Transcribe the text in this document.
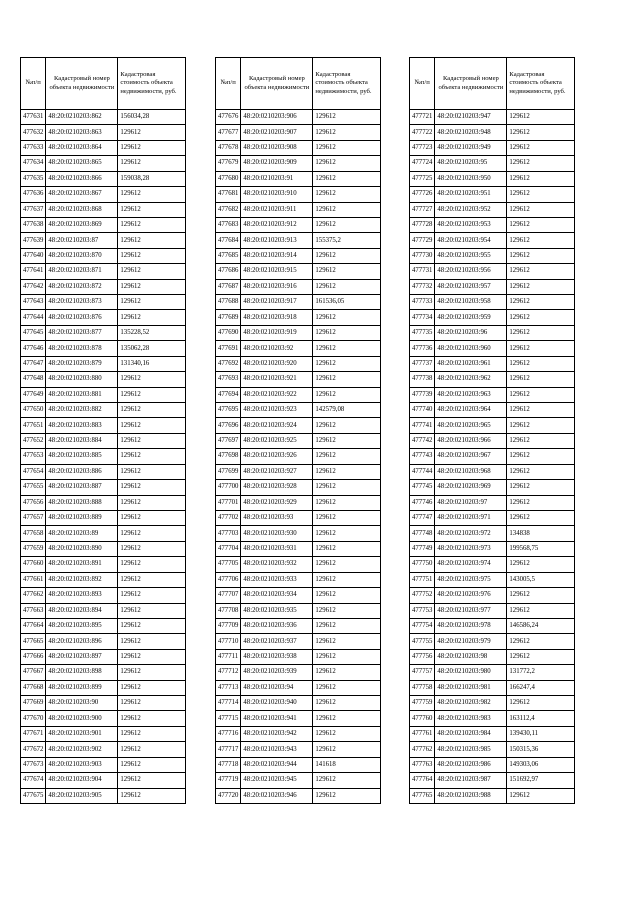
№п/п	Кадастровый номер объекта недвижимости	Кадастровая стоимость объекта недвижимости, руб.
477631	48:20:0210203:862	156034,28
477632	48:20:0210203:863	129612
477633	48:20:0210203:864	129612
477634	48:20:0210203:865	129612
477635	48:20:0210203:866	159038,28
477636	48:20:0210203:867	129612
477637	48:20:0210203:868	129612
477638	48:20:0210203:869	129612
477639	48:20:0210203:87	129612
477640	48:20:0210203:870	129612
477641	48:20:0210203:871	129612
477642	48:20:0210203:872	129612
477643	48:20:0210203:873	129612
477644	48:20:0210203:876	129612
477645	48:20:0210203:877	135228,52
477646	48:20:0210203:878	135062,28
477647	48:20:0210203:879	131340,16
477648	48:20:0210203:880	129612
477649	48:20:0210203:881	129612
477650	48:20:0210203:882	129612
477651	48:20:0210203:883	129612
477652	48:20:0210203:884	129612
477653	48:20:0210203:885	129612
477654	48:20:0210203:886	129612
477655	48:20:0210203:887	129612
477656	48:20:0210203:888	129612
477657	48:20:0210203:889	129612
477658	48:20:0210203:89	129612
477659	48:20:0210203:890	129612
477660	48:20:0210203:891	129612
477661	48:20:0210203:892	129612
477662	48:20:0210203:893	129612
477663	48:20:0210203:894	129612
477664	48:20:0210203:895	129612
477665	48:20:0210203:896	129612
477666	48:20:0210203:897	129612
477667	48:20:0210203:898	129612
477668	48:20:0210203:899	129612
477669	48:20:0210203:90	129612
477670	48:20:0210203:900	129612
477671	48:20:0210203:901	129612
477672	48:20:0210203:902	129612
477673	48:20:0210203:903	129612
477674	48:20:0210203:904	129612
477675	48:20:0210203:905	129612
№п/п	Кадастровый номер объекта недвижимости	Кадастровая стоимость объекта недвижимости, руб.
477676	48:20:0210203:906	129612
477677	48:20:0210203:907	129612
477678	48:20:0210203:908	129612
477679	48:20:0210203:909	129612
477680	48:20:0210203:91	129612
477681	48:20:0210203:910	129612
477682	48:20:0210203:911	129612
477683	48:20:0210203:912	129612
477684	48:20:0210203:913	155375,2
477685	48:20:0210203:914	129612
477686	48:20:0210203:915	129612
477687	48:20:0210203:916	129612
477688	48:20:0210203:917	161536,05
477689	48:20:0210203:918	129612
477690	48:20:0210203:919	129612
477691	48:20:0210203:92	129612
477692	48:20:0210203:920	129612
477693	48:20:0210203:921	129612
477694	48:20:0210203:922	129612
477695	48:20:0210203:923	142579,08
477696	48:20:0210203:924	129612
477697	48:20:0210203:925	129612
477698	48:20:0210203:926	129612
477699	48:20:0210203:927	129612
477700	48:20:0210203:928	129612
477701	48:20:0210203:929	129612
477702	48:20:0210203:93	129612
477703	48:20:0210203:930	129612
477704	48:20:0210203:931	129612
477705	48:20:0210203:932	129612
477706	48:20:0210203:933	129612
477707	48:20:0210203:934	129612
477708	48:20:0210203:935	129612
477709	48:20:0210203:936	129612
477710	48:20:0210203:937	129612
477711	48:20:0210203:938	129612
477712	48:20:0210203:939	129612
477713	48:20:0210203:94	129612
477714	48:20:0210203:940	129612
477715	48:20:0210203:941	129612
477716	48:20:0210203:942	129612
477717	48:20:0210203:943	129612
477718	48:20:0210203:944	141618
477719	48:20:0210203:945	129612
477720	48:20:0210203:946	129612
№п/п	Кадастровый номер объекта недвижимости	Кадастровая стоимость объекта недвижимости, руб.
477721	48:20:0210203:947	129612
477722	48:20:0210203:948	129612
477723	48:20:0210203:949	129612
477724	48:20:0210203:95	129612
477725	48:20:0210203:950	129612
477726	48:20:0210203:951	129612
477727	48:20:0210203:952	129612
477728	48:20:0210203:953	129612
477729	48:20:0210203:954	129612
477730	48:20:0210203:955	129612
477731	48:20:0210203:956	129612
477732	48:20:0210203:957	129612
477733	48:20:0210203:958	129612
477734	48:20:0210203:959	129612
477735	48:20:0210203:96	129612
477736	48:20:0210203:960	129612
477737	48:20:0210203:961	129612
477738	48:20:0210203:962	129612
477739	48:20:0210203:963	129612
477740	48:20:0210203:964	129612
477741	48:20:0210203:965	129612
477742	48:20:0210203:966	129612
477743	48:20:0210203:967	129612
477744	48:20:0210203:968	129612
477745	48:20:0210203:969	129612
477746	48:20:0210203:97	129612
477747	48:20:0210203:971	129612
477748	48:20:0210203:972	134838
477749	48:20:0210203:973	199568,75
477750	48:20:0210203:974	129612
477751	48:20:0210203:975	143005,5
477752	48:20:0210203:976	129612
477753	48:20:0210203:977	129612
477754	48:20:0210203:978	146586,24
477755	48:20:0210203:979	129612
477756	48:20:0210203:98	129612
477757	48:20:0210203:980	131772,2
477758	48:20:0210203:981	166247,4
477759	48:20:0210203:982	129612
477760	48:20:0210203:983	163112,4
477761	48:20:0210203:984	139430,11
477762	48:20:0210203:985	150315,36
477763	48:20:0210203:986	149303,06
477764	48:20:0210203:987	151692,97
477765	48:20:0210203:988	129612
